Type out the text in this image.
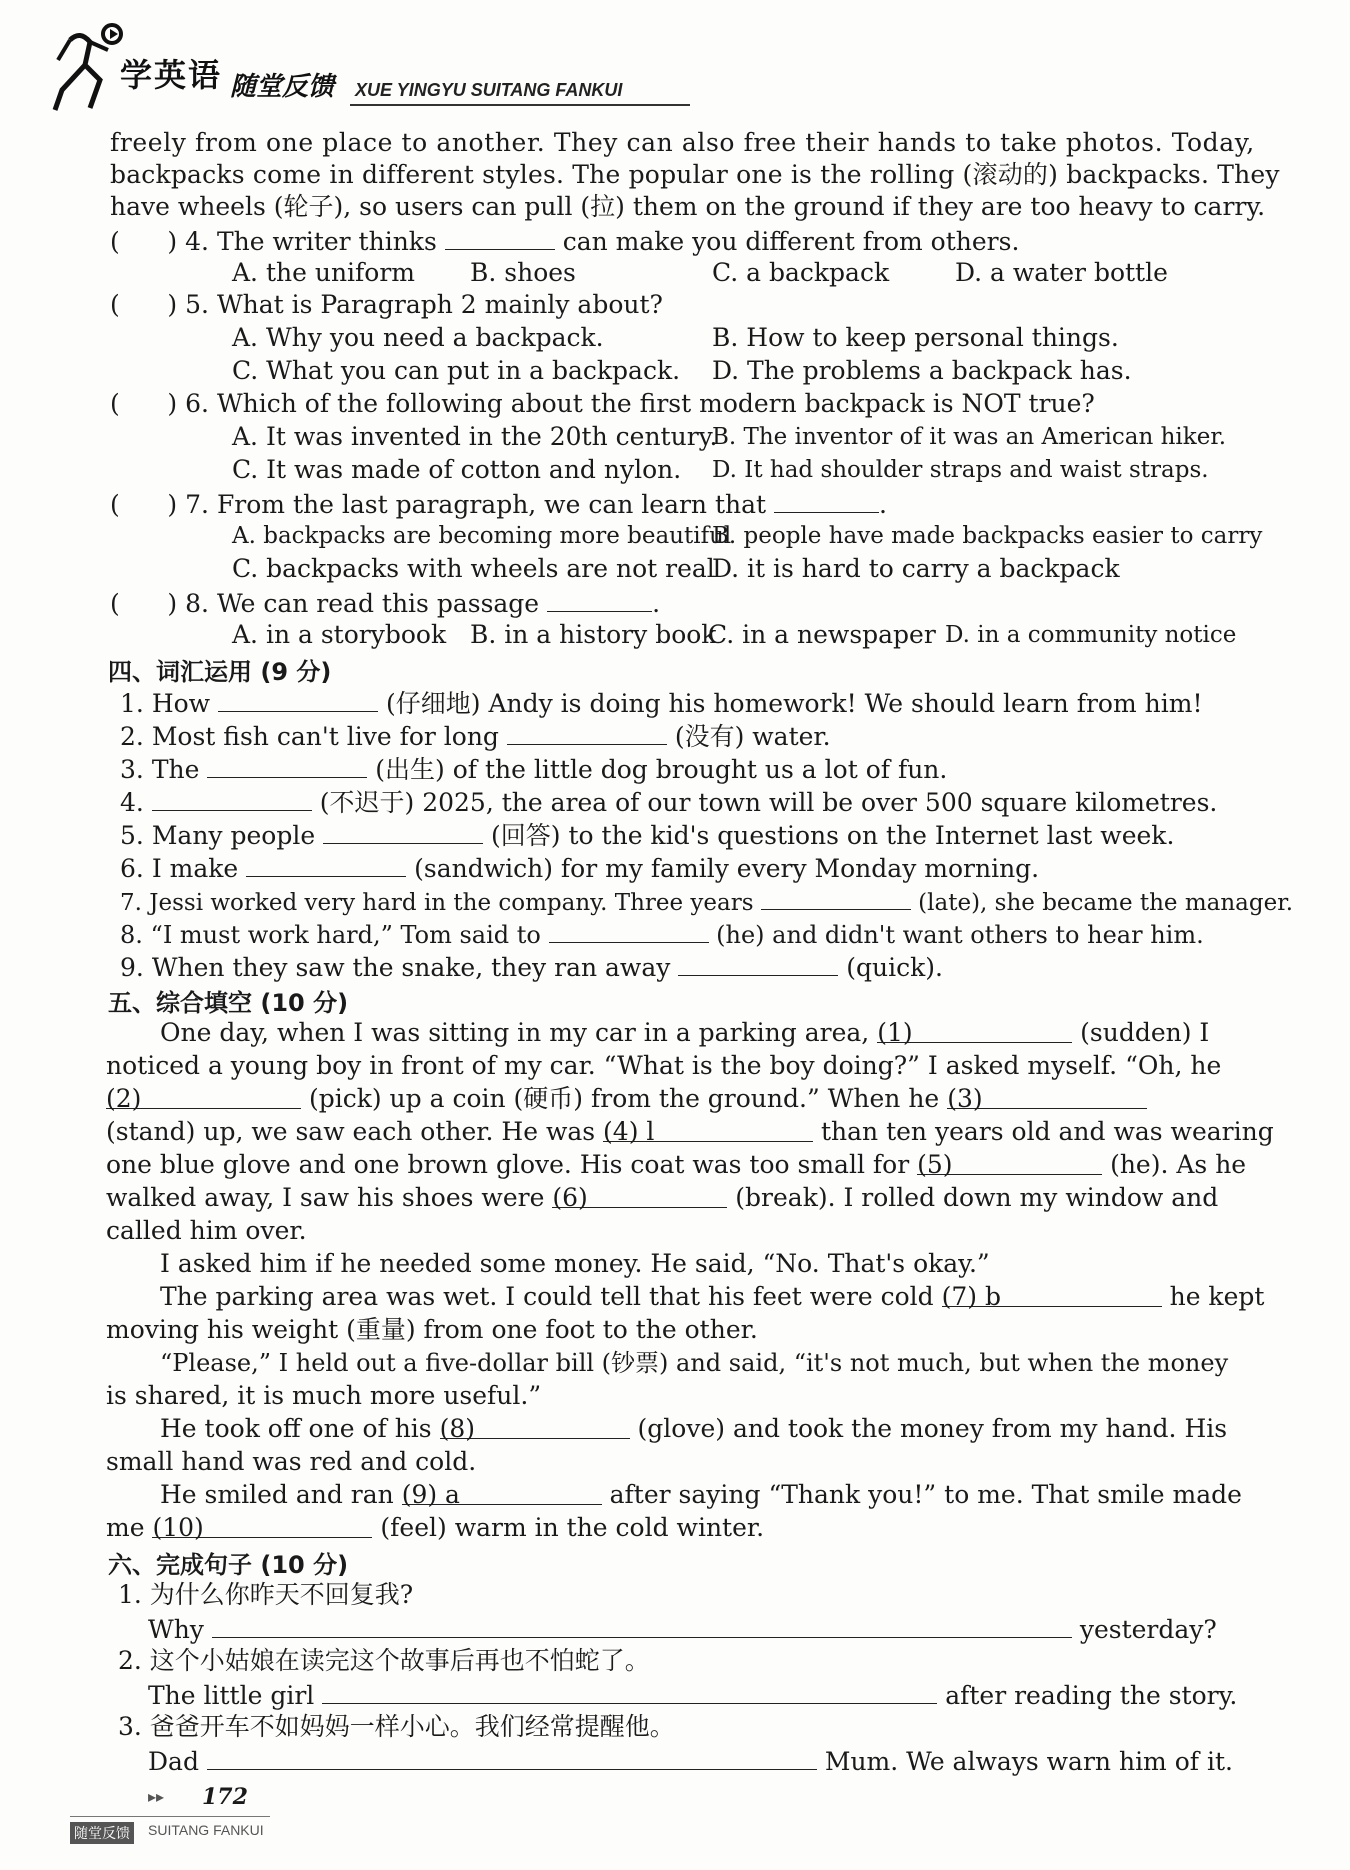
学英语 随堂反馈 XUE YINGYU SUITANG FANKUI
freely from one place to another. They can also free their hands to take photos. Today,
backpacks come in different styles. The popular one is the rolling (滚动的) backpacks. They
have wheels (轮子), so users can pull (拉) them on the ground if they are too heavy to carry.
(      ) 4. The writer thinks	can make you different from others.
A. the uniform B. shoes	C. a backpack	D. a water bottle
(      ) 5. What is Paragraph 2 mainly about?
A. Why you need a backpack.	B. How to keep personal things.
C. What you can put in a backpack. D. The problems a backpack has.
(      ) 6. Which of the following about the first modern backpack is NOT true?
A. It was invented in the 20th century.
B. The inventor of it was an American hiker.
C. It was made of cotton and nylon. D. It had shoulder straps and waist straps.
(      ) 7. From the last paragraph, we can learn that	.
A. backpacks are becoming more beautiful
B. people have made backpacks easier to carry
C. backpacks with wheels are not real
D. it is hard to carry a backpack
(      ) 8. We can read this passage	.
A. in a storybook B. in a history book
C. in a newspaper D. in a community notice
四、词汇运用 (9 分)
1. How	(仔细地) Andy is doing his homework! We should learn from him!
2. Most fish can't live for long	(没有) water.
3. The	(出生) of the little dog brought us a lot of fun.
4.	(不迟于) 2025, the area of our town will be over 500 square kilometres.
5. Many people	(回答) to the kid's questions on the Internet last week.
6. I make	(sandwich) for my family every Monday morning.
7. Jessi worked very hard in the company. Three years	(late), she became the manager.
8. “I must work hard,” Tom said to	(he) and didn't want others to hear him.
9. When they saw the snake, they ran away	(quick).
五、综合填空 (10 分)
One day, when I was sitting in my car in a parking area, (1)	(sudden) I
noticed a young boy in front of my car. “What is the boy doing?” I asked myself. “Oh, he
(2)	(pick) up a coin (硬币) from the ground.” When he (3)
(stand) up, we saw each other. He was (4) l	than ten years old and was wearing
one blue glove and one brown glove. His coat was too small for (5)	(he). As he
walked away, I saw his shoes were (6)	(break). I rolled down my window and
called him over.
I asked him if he needed some money. He said, “No. That's okay.”
The parking area was wet. I could tell that his feet were cold (7) b	he kept
moving his weight (重量) from one foot to the other.
“Please,” I held out a five-dollar bill (钞票) and said, “it's not much, but when the money
is shared, it is much more useful.”
He took off one of his (8)	(glove) and took the money from my hand. His
small hand was red and cold.
He smiled and ran (9) a	after saying “Thank you!” to me. That smile made
me (10)	(feel) warm in the cold winter.
六、完成句子 (10 分)
1. 为什么你昨天不回复我?
Why	yesterday?
2. 这个小姑娘在读完这个故事后再也不怕蛇了。
The little girl	after reading the story.
3. 爸爸开车不如妈妈一样小心。我们经常提醒他。
Dad	Mum. We always warn him of it.
▸▸ 172
随堂反馈 SUITANG FANKUI
